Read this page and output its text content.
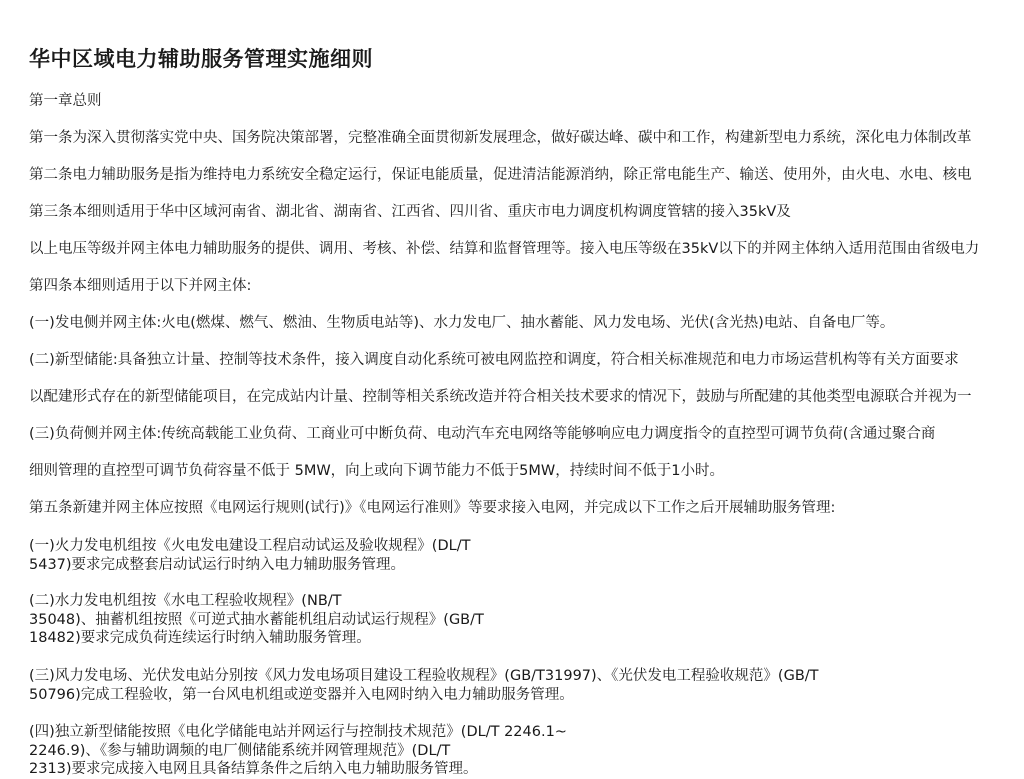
华中区域电力辅助服务管理实施细则

第一章总则

第一条为深入贯彻落实党中央、国务院决策部署，完整准确全面贯彻新发展理念，做好碳达峰、碳中和工作，构建新型电力系统，深化电力体制改革

第二条电力辅助服务是指为维持电力系统安全稳定运行，保证电能质量，促进清洁能源消纳，除正常电能生产、输送、使用外，由火电、水电、核电

第三条本细则适用于华中区域河南省、湖北省、湖南省、江西省、四川省、重庆市电力调度机构调度管辖的接入35kV及

以上电压等级并网主体电力辅助服务的提供、调用、考核、补偿、结算和监督管理等。接入电压等级在35kV以下的并网主体纳入适用范围由省级电力

第四条本细则适用于以下并网主体:

(一)发电侧并网主体:火电(燃煤、燃气、燃油、生物质电站等)、水力发电厂、抽水蓄能、风力发电场、光伏(含光热)电站、自备电厂等。

(二)新型储能:具备独立计量、控制等技术条件，接入调度自动化系统可被电网监控和调度，符合相关标准规范和电力市场运营机构等有关方面要求

以配建形式存在的新型储能项目，在完成站内计量、控制等相关系统改造并符合相关技术要求的情况下，鼓励与所配建的其他类型电源联合并视为一

(三)负荷侧并网主体:传统高载能工业负荷、工商业可中断负荷、电动汽车充电网络等能够响应电力调度指令的直控型可调节负荷(含通过聚合商

细则管理的直控型可调节负荷容量不低于 5MW，向上或向下调节能力不低于5MW，持续时间不低于1小时。

第五条新建并网主体应按照《电网运行规则(试行)》《电网运行准则》等要求接入电网，并完成以下工作之后开展辅助服务管理:

(一)火力发电机组按《火电发电建设工程启动试运及验收规程》(DL/T
5437)要求完成整套启动试运行时纳入电力辅助服务管理。
(二)水力发电机组按《水电工程验收规程》(NB/T
35048)、抽蓄机组按照《可逆式抽水蓄能机组启动试运行规程》(GB/T
18482)要求完成负荷连续运行时纳入辅助服务管理。
(三)风力发电场、光伏发电站分别按《风力发电场项目建设工程验收规程》(GB/T31997)、《光伏发电工程验收规范》(GB/T
50796)完成工程验收，第一台风电机组或逆变器并入电网时纳入电力辅助服务管理。
(四)独立新型储能按照《电化学储能电站并网运行与控制技术规范》(DL/T 2246.1~
2246.9)、《参与辅助调频的电厂侧储能系统并网管理规范》(DL/T
2313)要求完成接入电网且具备结算条件之后纳入电力辅助服务管理。
